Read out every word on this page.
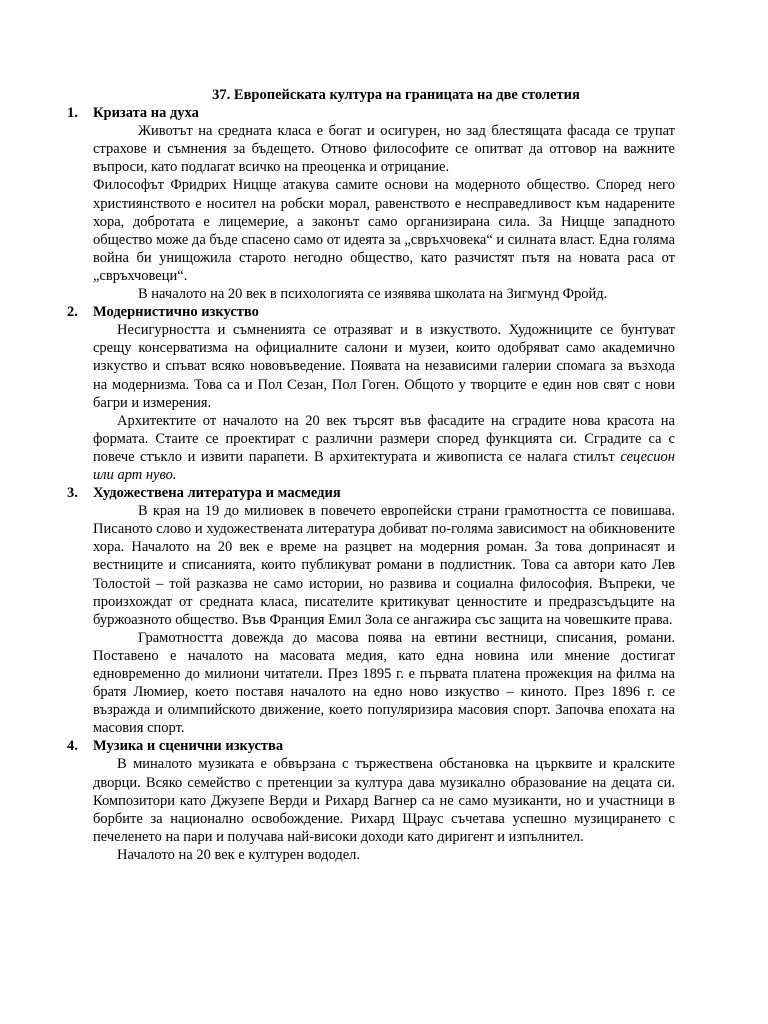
37. Европейската култура на границата на две столетия

1.	Кризата на духа

Животът на средната класа е богат и осигурен, но зад блестящата фасада се трупат страхове и съмнения за бъдещето. Отново философите се опитват да отговор на важните въпроси, като подлагат всичко на преоценка и отрицание.

Философът Фридрих Ницще атакува самите основи на модерното общество. Според него християнството е носител на робски морал, равенството е несправедливост към надарените хора, добротата е лицемерие, а законът само организирана сила. За Ницще западното общество може да бъде спасено само от идеята за „свръхчовека“ и силната власт. Една голяма война би унищожила старото негодно общество, като разчистят пътя на новата раса от „свръхчовеци“.

В началото на 20 век в психологията се изявява школата на Зигмунд Фройд.

2.	Модернистично изкуство

Несигурността и съмненията се отразяват и в изкуството. Художниците се бунтуват срещу консерватизма на официалните салони и музеи, които одобряват само академично изкуство и спъват всяко нововъведение. Появата на независими галерии спомага за възхода на модернизма. Това са и Пол Сезан, Пол Гоген. Общото у творците е един нов свят с нови багри и измерения.

Архитектите от началото на 20 век търсят във фасадите на сградите нова красота на формата. Стаите се проектират с различни размери според функцията си. Сградите са с повече стъкло и извити парапети. В архитектурата и живописта се налага стилът сецесион или арт нуво.

3.	Художествена литература и масмедия

В края на 19 до милиовек в повечето европейски страни грамотността се повишава. Писаното слово и художествената литература добиват по-голяма зависимост на обикновените хора. Началото на 20 век е време на разцвет на модерния роман. За това допринасят и вестниците и списанията, които публикуват романи в подлистник. Това са автори като Лев Толостой – той разказва не само истории, но развива и социална философия. Въпреки, че произхождат от средната класа, писателите критикуват ценностите и предразсъдъците на буржоазното общество. Във Франция Емил Зола се ангажира със защита на човешките права.

Грамотността довежда до масова поява на евтини вестници, списания, романи. Поставено е началото на масовата медия, като една новина или мнение достигат едновременно до милиони читатели. През 1895 г. е първата платена прожекция на филма на братя Люмиер, което поставя началото на едно ново изкуство – киното. През 1896 г. се възражда и олимпийското движение, което популяризира масовия спорт. Започва епохата на масовия спорт.

4.	Музика и сценични изкуства

В миналото музиката е обвързана с тържествена обстановка на църквите и кралските дворци. Всяко семейство с претенции за култура дава музикално образование на децата си. Композитори като Джузепе Верди и Рихард Вагнер са не само музиканти, но и участници в борбите за национално освобождение. Рихард Щраус съчетава успешно музицирането с печеленето на пари и получава най-високи доходи като диригент и изпълнител.

Началото на 20 век е културен вододел.
